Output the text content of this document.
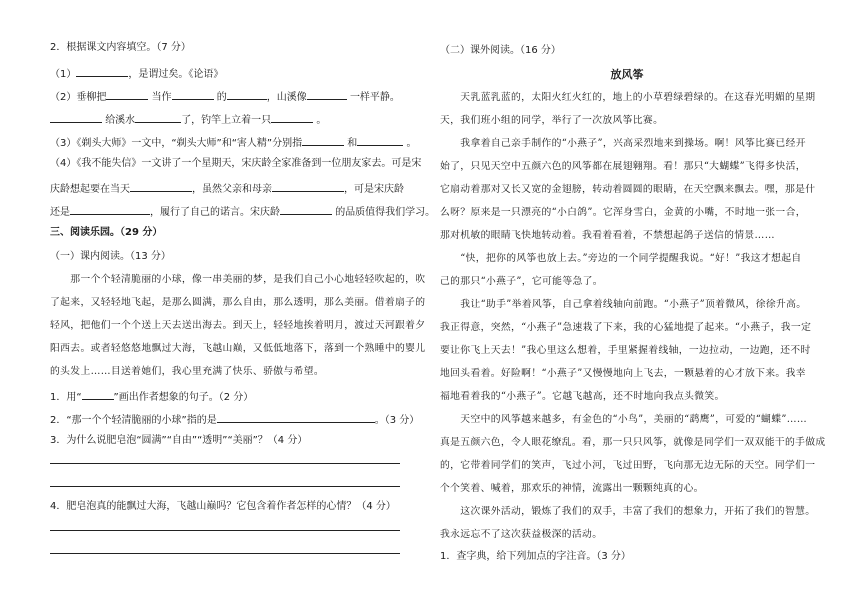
2．根据课文内容填空。（7 分）
（1）	，是谓过矣。《论语》
（2）垂柳把	当作	的	，山溪像	一样平静。
给溪水	了，钓竿上立着一只	。
（3）《剃头大师》一文中，“剃头大师”和“害人精”分别指	和	。
（4）《我不能失信》一文讲了一个星期天，宋庆龄全家准备到一位朋友家去。可是宋
庆龄想起要在当天	，虽然父亲和母亲	，可是宋庆龄
还是	，履行了自己的诺言。宋庆龄	的品质值得我们学习。
三、阅读乐园。（29 分）
（一）课内阅读。（13 分）
　　那一个个轻清脆丽的小球，像一串美丽的梦，是我们自己小心地轻轻吹起的，吹
了起来，又轻轻地飞起，是那么圆满，那么自由，那么透明，那么美丽。借着扇子的
轻风，把他们一个个送上天去送出海去。到天上，轻轻地挨着明月，渡过天河跟着夕
阳西去。或者轻悠悠地飘过大海，飞越山巅，又低低地落下，落到一个熟睡中的婴儿
的头发上……目送着她们，我心里充满了快乐、骄傲与希望。
1．用“	”画出作者想象的句子。（2 分）
2．“那一个个轻清脆丽的小球”指的是	。（3 分）
3．为什么说肥皂泡“圆满”“自由”“透明”“美丽”？（4 分）
4．肥皂泡真的能飘过大海，飞越山巅吗？它包含着作者怎样的心情？（4 分）
（二）课外阅读。（16 分）
放风筝
　　天乳蓝乳蓝的，太阳火红火红的，地上的小草碧绿碧绿的。在这春光明媚的星期
天，我们班小组的同学，举行了一次放风筝比赛。
　　我拿着自己亲手制作的“小燕子”，兴高采烈地来到操场。啊！风筝比赛已经开
始了，只见天空中五颜六色的风筝都在展翅翱翔。看！那只“大蝴蝶”飞得多快活，
它扇动着那对又长又宽的金翅膀，转动着圆圆的眼睛，在天空飘来飘去。嘿，那是什
么呀？原来是一只漂亮的“小白鸽”。它浑身雪白，金黄的小嘴，不时地一张一合，
那对机敏的眼睛飞快地转动着。我看着看着，不禁想起鸽子送信的情景……
　　“快，把你的风筝也放上去。”旁边的一个同学提醒我说。“好！”我这才想起自
己的那只“小燕子”，它可能等急了。
　　我让“助手”举着风筝，自己拿着线轴向前跑。“小燕子”顶着微风，徐徐升高。
我正得意，突然，“小燕子”急速栽了下来，我的心猛地提了起来。“小燕子，我一定
要让你飞上天去！”我心里这么想着，手里紧握着线轴，一边拉动，一边跑，还不时
地回头看着。好险啊！“小燕子”又慢慢地向上飞去，一颗悬着的心才放下来。我幸
福地看着我的“小燕子”。它越飞越高，还不时地向我点头微笑。
　　天空中的风筝越来越多，有金色的“小鸟”，美丽的“鹞鹰”，可爱的“蝴蝶”……
真是五颜六色，令人眼花缭乱。看，那一只只风筝，就像是同学们一双双能干的手做成
的，它带着同学们的笑声，飞过小河，飞过田野，飞向那无边无际的天空。同学们一
个个笑着、喊着，那欢乐的神情，流露出一颗颗纯真的心。
　　这次课外活动，锻炼了我们的双手，丰富了我们的想象力，开拓了我们的智慧。
我永远忘不了这次获益极深的活动。
1．查字典，给下列加点的字注音。（3 分）
